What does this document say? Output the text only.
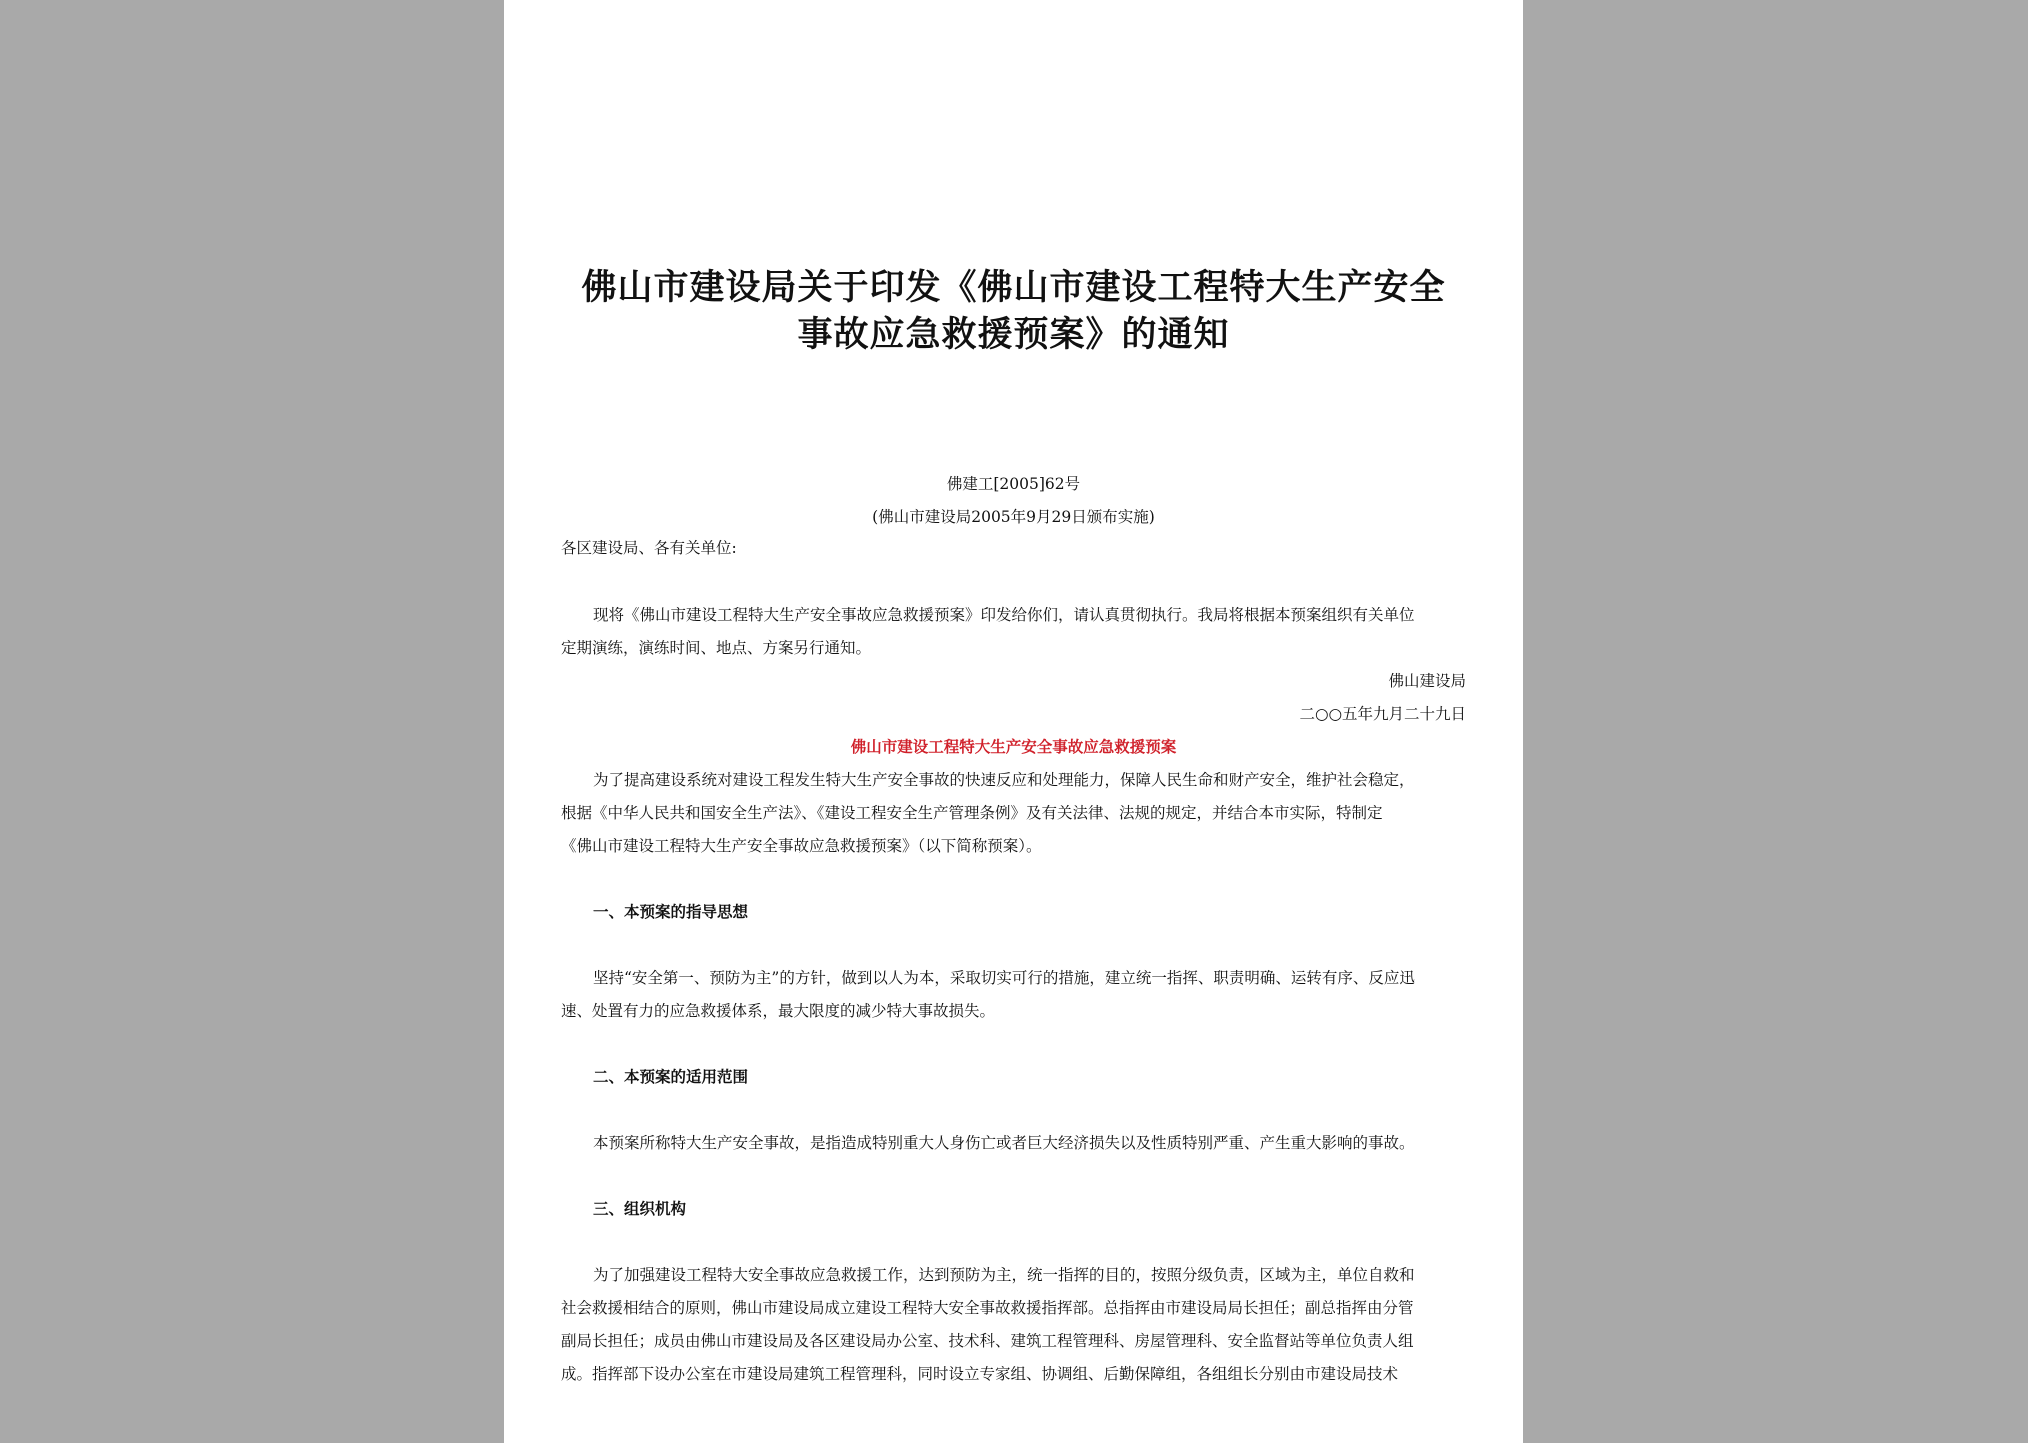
佛山市建设局关于印发《佛山市建设工程特大生产安全
事故应急救援预案》的通知
佛建工[2005]62号
(佛山市建设局2005年9月29日颁布实施)
各区建设局、各有关单位:
现将《佛山市建设工程特大生产安全事故应急救援预案》印发给你们，请认真贯彻执行。我局将根据本预案组织有关单位
定期演练，演练时间、地点、方案另行通知。
佛山建设局
二○○五年九月二十九日
佛山市建设工程特大生产安全事故应急救援预案
为了提高建设系统对建设工程发生特大生产安全事故的快速反应和处理能力，保障人民生命和财产安全，维护社会稳定，
根据《中华人民共和国安全生产法》、《建设工程安全生产管理条例》及有关法律、法规的规定，并结合本市实际，特制定
《佛山市建设工程特大生产安全事故应急救援预案》（以下简称预案）。
一、本预案的指导思想
坚持“安全第一、预防为主”的方针，做到以人为本，采取切实可行的措施，建立统一指挥、职责明确、运转有序、反应迅
速、处置有力的应急救援体系，最大限度的减少特大事故损失。
二、本预案的适用范围
本预案所称特大生产安全事故，是指造成特别重大人身伤亡或者巨大经济损失以及性质特别严重、产生重大影响的事故。
三、组织机构
为了加强建设工程特大安全事故应急救援工作，达到预防为主，统一指挥的目的，按照分级负责，区域为主，单位自救和
社会救援相结合的原则，佛山市建设局成立建设工程特大安全事故救援指挥部。总指挥由市建设局局长担任；副总指挥由分管
副局长担任；成员由佛山市建设局及各区建设局办公室、技术科、建筑工程管理科、房屋管理科、安全监督站等单位负责人组
成。指挥部下设办公室在市建设局建筑工程管理科，同时设立专家组、协调组、后勤保障组，各组组长分别由市建设局技术
